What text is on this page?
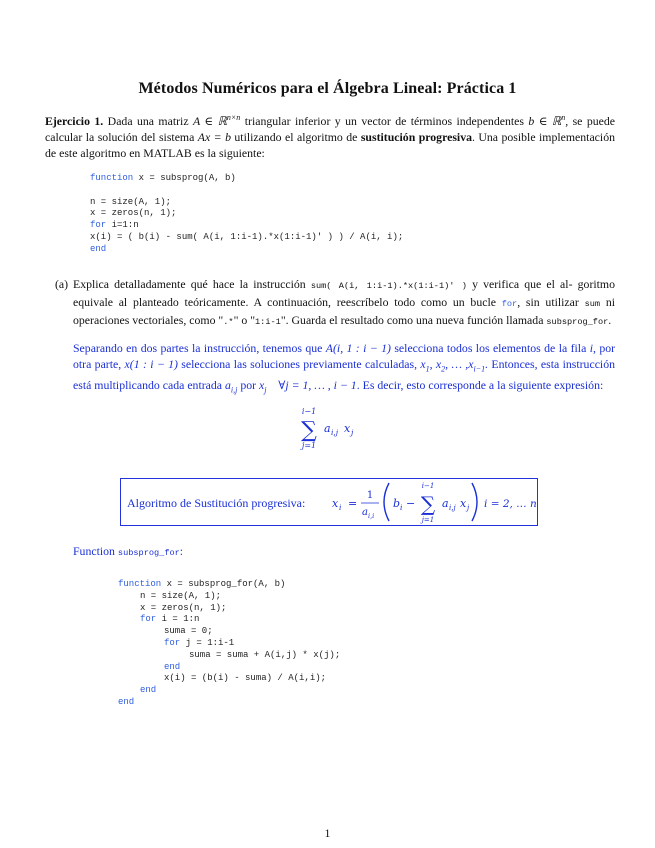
Métodos Numéricos para el Álgebra Lineal: Práctica 1
Ejercicio 1. Dada una matriz A ∈ ℝ$^{n\times n}$ triangular inferior y un vector de términos independentes b ∈ ℝ$^n$, se puede calcular la solución del sistema Ax = b utilizando el algoritmo de sustitución progresiva. Una posible implementación de este algoritmo en MATLAB es la siguiente:
function x = subsprog(A, b)
n = size(A, 1);
x = zeros(n, 1);
for i=1:n
x(i) = ( b(i) - sum( A(i, 1:i-1).*x(1:i-1)' ) ) / A(i, i);
end
(a) Explica detalladamente qué hace la instrucción sum( A(i, 1:i-1).*x(1:i-1)' ) y verifica que el al- goritmo equivale al planteado teóricamente. A continuación, reescríbelo todo como un bucle for, sin utilizar sum ni operaciones vectoriales, como ".*" o "1:i-1". Guarda el resultado como una nueva función llamada subsprog_for.
Separando en dos partes la instrucción, tenemos que A(i, 1 : i − 1) selecciona todos los elementos de la fila i, por otra parte, x(1 : i − 1) selecciona las soluciones previamente calculadas, $x_1$, $x_2$, … $,x_{i-1}$. Entonces, esta instrucción está multiplicando cada entrada $a_{i,j}$ por $x_j$ ∀j = 1, … , i − 1. Es decir, esto corresponde a la siguiente expresión:
i−1
∑
j=1
a i,j x j
Algoritmo de Sustitución progresiva: x i =
1
a i,i
b i −
i−1
∑
j=1
a i,j x j i = 2, … n
Function subsprog_for:
function x = subsprog_for(A, b)
n = size(A, 1);
x = zeros(n, 1);
for i = 1:n
suma = 0;
for j = 1:i-1
suma = suma + A(i,j) * x(j);
end
x(i) = (b(i) - suma) / A(i,i);
end
end
1
